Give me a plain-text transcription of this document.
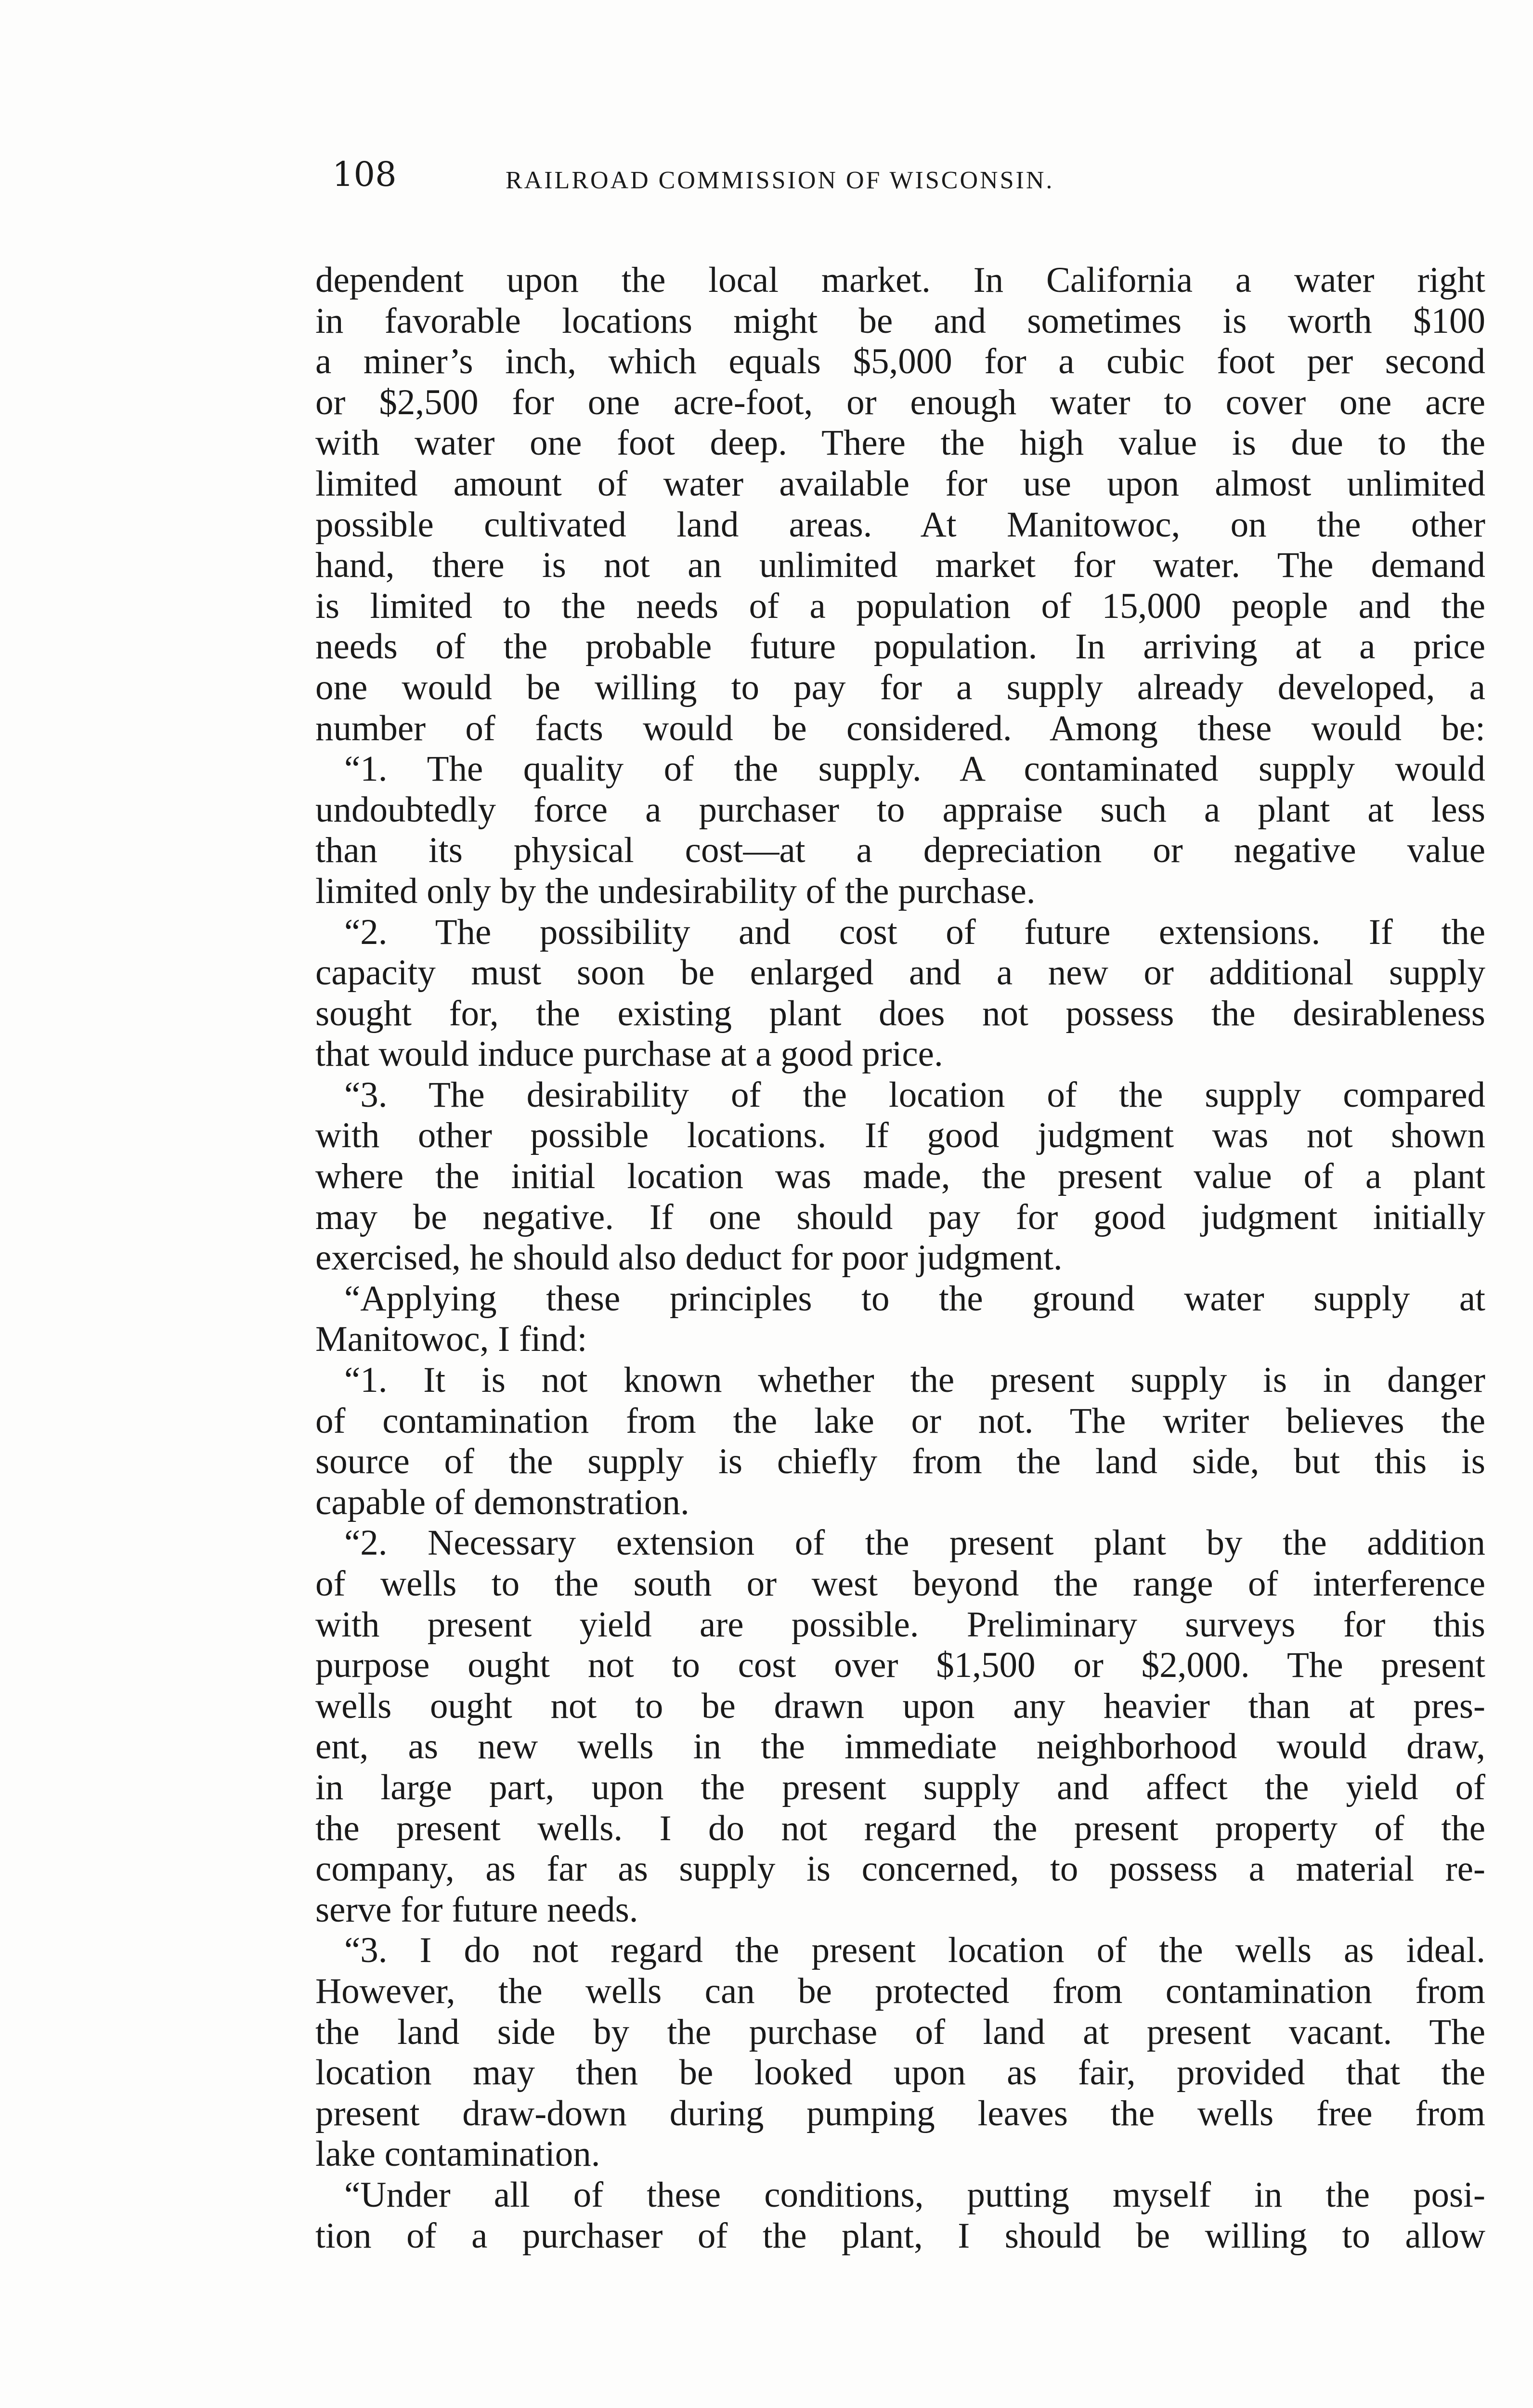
108	RAILROAD COMMISSION OF WISCONSIN.
dependent upon the local market. In California a water right
in favorable locations might be and sometimes is worth $100
a miner’s inch, which equals $5,000 for a cubic foot per second
or $2,500 for one acre-foot, or enough water to cover one acre
with water one foot deep. There the high value is due to the
limited amount of water available for use upon almost unlimited
possible cultivated land areas. At Manitowoc, on the other
hand, there is not an unlimited market for water. The demand
is limited to the needs of a population of 15,000 people and the
needs of the probable future population. In arriving at a price
one would be willing to pay for a supply already developed, a
number of facts would be considered. Among these would be:
“1. The quality of the supply. A contaminated supply would
undoubtedly force a purchaser to appraise such a plant at less
than its physical cost—at a depreciation or negative value
limited only by the undesirability of the purchase.
“2. The possibility and cost of future extensions. If the
capacity must soon be enlarged and a new or additional supply
sought for, the existing plant does not possess the desirableness
that would induce purchase at a good price.
“3. The desirability of the location of the supply compared
with other possible locations. If good judgment was not shown
where the initial location was made, the present value of a plant
may be negative. If one should pay for good judgment initially
exercised, he should also deduct for poor judgment.
“Applying these principles to the ground water supply at
Manitowoc, I find:
“1. It is not known whether the present supply is in danger
of contamination from the lake or not. The writer believes the
source of the supply is chiefly from the land side, but this is
capable of demonstration.
“2. Necessary extension of the present plant by the addition
of wells to the south or west beyond the range of interference
with present yield are possible. Preliminary surveys for this
purpose ought not to cost over $1,500 or $2,000. The present
wells ought not to be drawn upon any heavier than at pres-
ent, as new wells in the immediate neighborhood would draw,
in large part, upon the present supply and affect the yield of
the present wells. I do not regard the present property of the
company, as far as supply is concerned, to possess a material re-
serve for future needs.
“3. I do not regard the present location of the wells as ideal.
However, the wells can be protected from contamination from
the land side by the purchase of land at present vacant. The
location may then be looked upon as fair, provided that the
present draw-down during pumping leaves the wells free from
lake contamination.
“Under all of these conditions, putting myself in the posi-
tion of a purchaser of the plant, I should be willing to allow
